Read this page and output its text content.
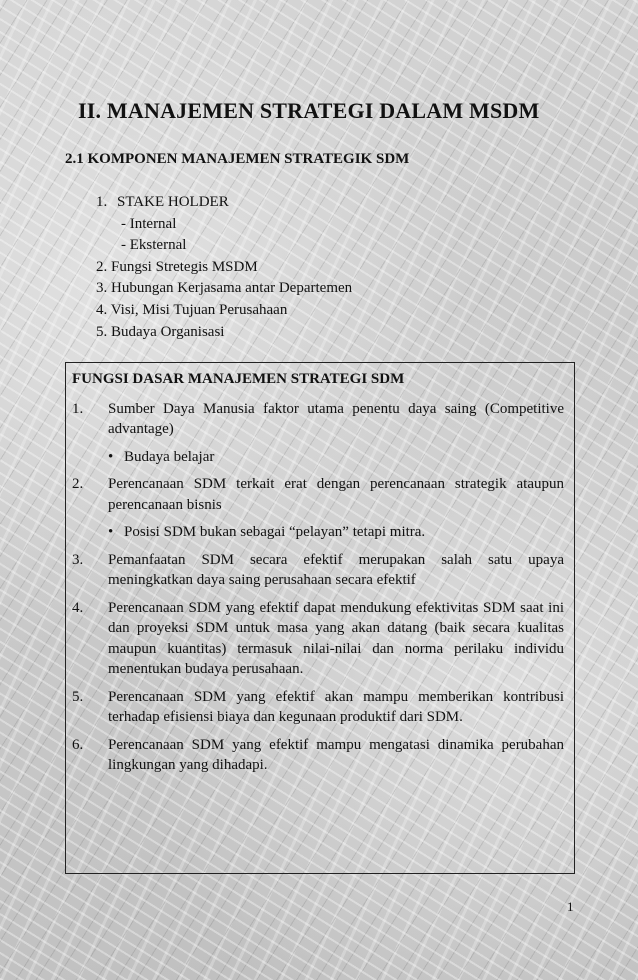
II. MANAJEMEN STRATEGI DALAM MSDM
2.1 KOMPONEN MANAJEMEN STRATEGIK SDM
1. STAKE HOLDER
- Internal
- Eksternal
2. Fungsi Stretegis MSDM
3. Hubungan Kerjasama antar Departemen
4. Visi, Misi Tujuan Perusahaan
5. Budaya Organisasi
FUNGSI DASAR MANAJEMEN STRATEGI SDM
1.	Sumber Daya Manusia faktor utama penentu daya saing (Competitive advantage)
• Budaya belajar
2.	Perencanaan SDM terkait erat dengan perencanaan strategik ataupun perencanaan bisnis
• Posisi SDM bukan sebagai “pelayan” tetapi mitra.
3.	Pemanfaatan SDM secara efektif merupakan salah satu upaya meningkatkan daya saing perusahaan secara efektif
4.	Perencanaan SDM yang efektif dapat mendukung efektivitas SDM saat ini dan proyeksi SDM untuk masa yang akan datang (baik secara kualitas maupun kuantitas) termasuk nilai-nilai dan norma perilaku individu menentukan budaya perusahaan.
5.	Perencanaan SDM yang efektif akan mampu memberikan kontribusi terhadap efisiensi biaya dan kegunaan produktif dari SDM.
6.	Perencanaan SDM yang efektif mampu mengatasi dinamika perubahan lingkungan yang dihadapi.
1
